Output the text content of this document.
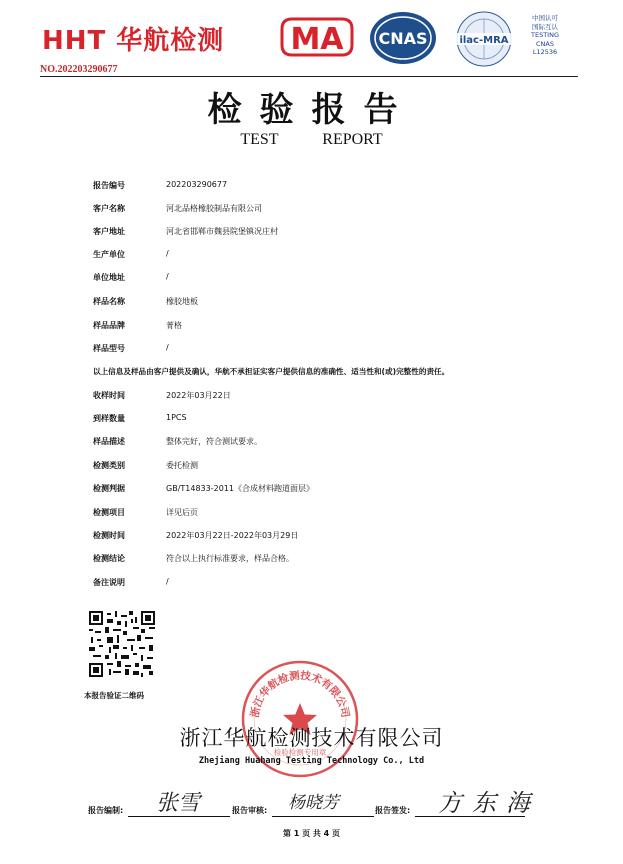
HHT 华航检测 MA CNAS	ilac-MRA
中国认可
国际互认
TESTING
CNAS
L12536
NO.202203290677
检验报告
TEST REPORT
报告编号	202203290677
客户名称	河北品格橡胶制品有限公司
客户地址	河北省邯郸市魏县院堡镇况庄村
生产单位	/
单位地址	/
样品名称	橡胶地板
样品品牌	菁格
样品型号	/
以上信息及样品由客户提供及确认，华航不承担证实客户提供信息的准确性、适当性和(或)完整性的责任。
收样时间	2022年03月22日
到样数量	1PCS
样品描述	整体完好，符合测试要求。
检测类别	委托检测
检测判据	GB/T14833-2011《合成材料跑道面层》
检测项目	详见后页
检测时间	2022年03月22日-2022年03月29日
检测结论	符合以上执行标准要求，样品合格。
备注说明	/
本报告验证二维码
浙江华航检测技术有限公司
检验检测专用章
浙江华航检测技术有限公司
Zhejiang Huahang Testing Technology Co., Ltd
报告编制: 张雪	报告审核: 杨晓芳	报告签发: 方东海
第 1 页 共 4 页
